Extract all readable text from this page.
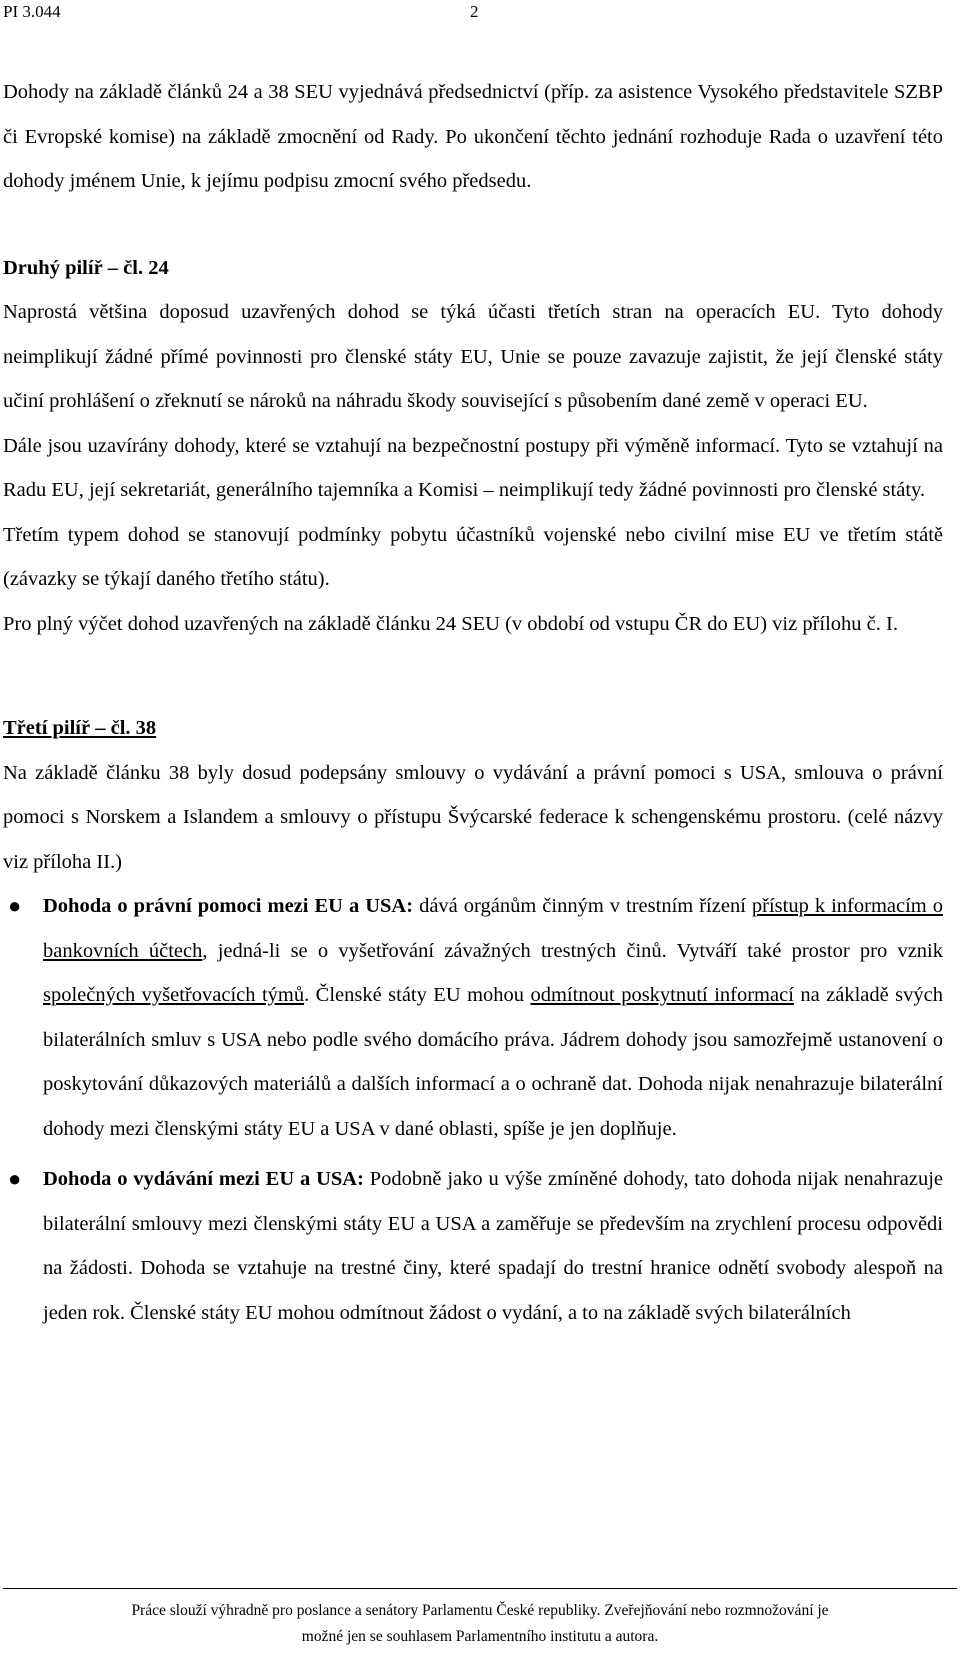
PI 3.044	2

Dohody na základě článků 24 a 38 SEU vyjednává předsednictví (příp. za asistence Vysokého představitele SZBP či Evropské komise) na základě zmocnění od Rady. Po ukončení těchto jednání rozhoduje Rada o uzavření této dohody jménem Unie, k jejímu podpisu zmocní svého předsedu.

Druhý pilíř – čl. 24

Naprostá většina doposud uzavřených dohod se týká účasti třetích stran na operacích EU. Tyto dohody neimplikují žádné přímé povinnosti pro členské státy EU, Unie se pouze zavazuje zajistit, že její členské státy učiní prohlášení o zřeknutí se nároků na náhradu škody související s působením dané země v operaci EU.

Dále jsou uzavírány dohody, které se vztahují na bezpečnostní postupy při výměně informací. Tyto se vztahují na Radu EU, její sekretariát, generálního tajemníka a Komisi – neimplikují tedy žádné povinnosti pro členské státy.

Třetím typem dohod se stanovují podmínky pobytu účastníků vojenské nebo civilní mise EU ve třetím státě (závazky se týkají daného třetího státu).

Pro plný výčet dohod uzavřených na základě článku 24 SEU (v období od vstupu ČR do EU) viz přílohu č. I.

Třetí pilíř – čl. 38

Na základě článku 38 byly dosud podepsány smlouvy o vydávání a právní pomoci s USA, smlouva o právní pomoci s Norskem a Islandem a smlouvy o přístupu Švýcarské federace k schengenskému prostoru. (celé názvy viz příloha II.)

● Dohoda o právní pomoci mezi EU a USA: dává orgánům činným v trestním řízení přístup k informacím o bankovních účtech, jedná-li se o vyšetřování závažných trestných činů. Vytváří také prostor pro vznik společných vyšetřovacích týmů. Členské státy EU mohou odmítnout poskytnutí informací na základě svých bilaterálních smluv s USA nebo podle svého domácího práva. Jádrem dohody jsou samozřejmě ustanovení o poskytování důkazových materiálů a dalších informací a o ochraně dat. Dohoda nijak nenahrazuje bilaterální dohody mezi členskými státy EU a USA v dané oblasti, spíše je jen doplňuje.
● Dohoda o vydávání mezi EU a USA: Podobně jako u výše zmíněné dohody, tato dohoda nijak nenahrazuje bilaterální smlouvy mezi členskými státy EU a USA a zaměřuje se především na zrychlení procesu odpovědi na žádosti. Dohoda se vztahuje na trestné činy, které spadají do trestní hranice odnětí svobody alespoň na jeden rok. Členské státy EU mohou odmítnout žádost o vydání, a to na základě svých bilaterálních
Práce slouží výhradně pro poslance a senátory Parlamentu České republiky. Zveřejňování nebo rozmnožování je
možné jen se souhlasem Parlamentního institutu a autora.
